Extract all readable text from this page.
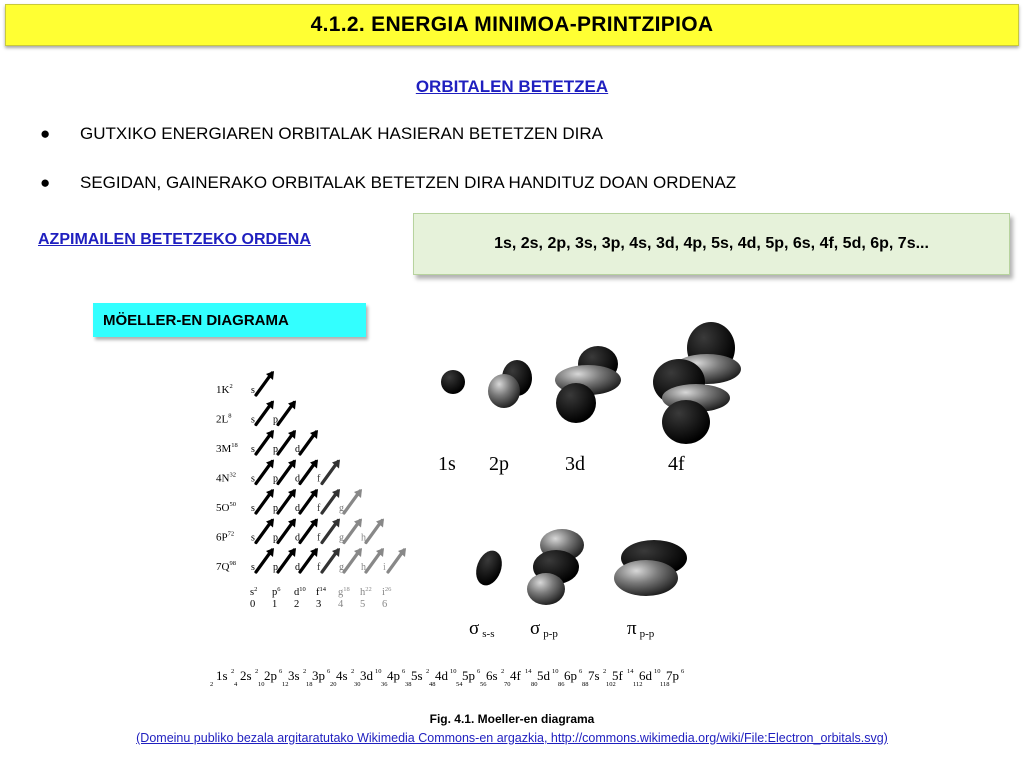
4.1.2. ENERGIA MINIMOA-PRINTZIPIOA
ORBITALEN BETETZEA
● GUTXIKO ENERGIAREN ORBITALAK HASIERAN BETETZEN DIRA
● SEGIDAN, GAINERAKO ORBITALAK BETETZEN DIRA HANDITUZ DOAN ORDENAZ
AZPIMAILEN BETETZEKO ORDENA	1s, 2s, 2p, 3s, 3p, 4s, 3d, 4p, 5s, 4d, 5p, 6s, 4f, 5d, 6p, 7s...
MÖELLER-EN DIAGRAMA
$1K^2$ s
$2L^8$ s p
$3M^{18}$ s p d
$4N^{32}$ s p d f
$5O^{50}$ s p d f g
$6P^{72}$ s p d f g h
$7Q^{98}$ s p d f g h i
$s^2$
0
$p^6$
1
$d^{10}$
2
$f^{14}$
3
$g^{18}$
4
$h^{22}$
5
$i^{26}$
6
1s 2p	3d	4f
σs-s σp-p	πp-p
1s 2
2
2s 2
4
2p 6
10
3s 2
12
3p 6
18
4s 2
20
3d 10
30
4p 6
36
5s 2
38
4d 10
48
5p 6
54
6s 2
56
4f 14
70
5d 10
80
6p 6
86
7s 2
88
5f 14
102
6d 10
112
7p 6
118
Fig. 4.1. Moeller-en diagrama
(Domeinu publiko bezala argitaratutako Wikimedia Commons-en argazkia, http://commons.wikimedia.org/wiki/File:Electron_orbitals.svg)
